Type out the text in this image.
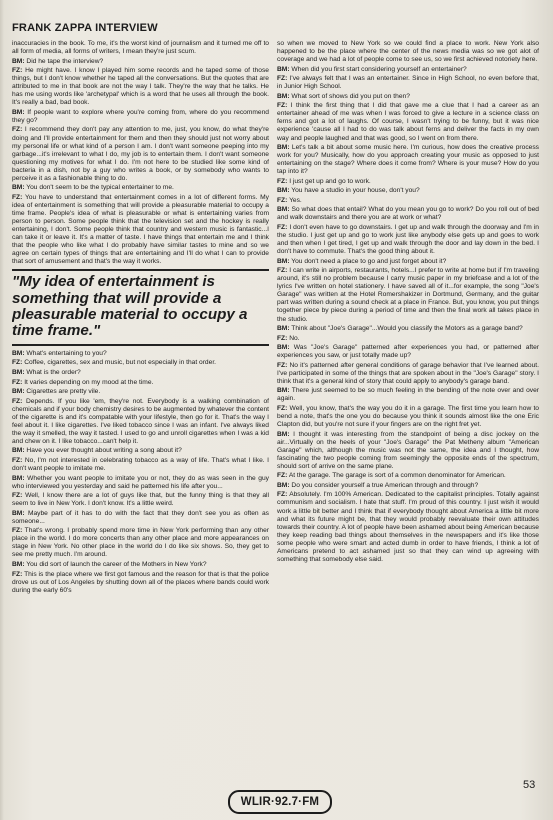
FRANK ZAPPA INTERVIEW

inaccuracies in the book. To me, it's the worst kind of journalism and it turned me off to all form of media, all forms of writers, I mean they're just scum.

BM: Did he tape the interview?

FZ: He might have. I know I played him some records and he taped some of those things, but I don't know whether he taped all the conversations. But the quotes that are attributed to me in that book are not the way I talk. They're the way that he talks. He has me using words like 'archetypal' which is a word that he uses all through the book. It's really a bad, bad book.

BM: If people want to explore where you're coming from, where do you recommend they go?

FZ: I recommend they don't pay any attention to me, just, you know, do what they're doing and I'll provide entertainment for them and then they should just not worry about my personal life or what kind of a person I am. I don't want someone peeping into my garbage...it's irrelevant to what I do, my job is to entertain them. I don't want someone questioning my motives for what I do. I'm not here to be studied like some kind of bacteria in a dish, not by a guy who writes a book, or by somebody who wants to perceive it as a fashionable thing to do.

BM: You don't seem to be the typical entertainer to me.

FZ: You have to understand that entertainment comes in a lot of different forms. My idea of entertainment is something that will provide a pleasurable material to occupy a time frame. People's idea of what is pleasurable or what is entertaining varies from person to person. Some people think that the television set and the hockey is really entertaining, I don't. Some people think that country and western music is fantastic...I can take it or leave it. It's a matter of taste. I have things that entertain me and I think that the people who like what I do probably have similar tastes to mine and so we agree on certain types of things that are entertaining and I'll do what I can to provide that sort of amusement and that's the way it works.

"My idea of entertainment is something that will provide a pleasurable material to occupy a time frame."

BM: What's entertaining to you?

FZ: Coffee, cigarettes, sex and music, but not especially in that order.

BM: What is the order?

FZ: It varies depending on my mood at the time.

BM: Cigarettes are pretty vile.

FZ: Depends. If you like 'em, they're not. Everybody is a walking combination of chemicals and if your body chemistry desires to be augmented by whatever the content of the cigarette is and it's compatable with your lifestyle, then go for it. That's the way I feel about it. I like cigarettes. I've liked tobacco since I was an infant. I've always liked the way it smelled, the way it tasted. I used to go and unroll cigarettes when I was a kid and chew on it. I like tobacco...can't help it.

BM: Have you ever thought about writing a song about it?

FZ: No, I'm not interested in celebrating tobacco as a way of life. That's what I like. I don't want people to imitate me.

BM: Whether you want people to imitate you or not, they do as was seen in the guy who interviewed you yesterday and said he patterned his life after you...

FZ: Well, I know there are a lot of guys like that, but the funny thing is that they all seem to live in New York. I don't know. It's a little weird.

BM: Maybe part of it has to do with the fact that they don't see you as often as someone...

FZ: That's wrong. I probably spend more time in New York performing than any other place in the world. I do more concerts than any other place and more appearances on stage in New York. No other place in the world do I do like six shows. So, they get to see me pretty much. I'm around.

BM: You did sort of launch the career of the Mothers in New York?

FZ: This is the place where we first got famous and the reason for that is that the police drove us out of Los Angeles by shutting down all of the places where bands could work during the early 60's

so when we moved to New York so we could find a place to work. New York also happened to be the place where the center of the news media was so we got alot of coverage and we had a lot of people come to see us, so we first achieved notoriety here.

BM: When did you first start considering yourself an entertainer?

FZ: I've always felt that I was an entertainer. Since in High School, no even before that, in Junior High School.

BM: What sort of shows did you put on then?

FZ: I think the first thing that I did that gave me a clue that I had a career as an entertainer ahead of me was when I was forced to give a lecture in a science class on ferns and got a lot of laughs. Of course, I wasn't trying to be funny, but it was nice experience 'cause all I had to do was talk about ferns and deliver the facts in my own way and people laughed and that was good, so I went on from there.

BM: Let's talk a bit about some music here. I'm curious, how does the creative process work for you? Musically, how do you approach creating your music as opposed to just entertaining on the stage? Where does it come from? Where is your muse? How do you tap into it?

FZ: I just get up and go to work.

BM: You have a studio in your house, don't you?

FZ: Yes.

BM: So what does that entail? What do you mean you go to work? Do you roll out of bed and walk downstairs and there you are at work or what?

FZ: I don't even have to go downstairs. I get up and walk through the doorway and I'm in the studio. I just get up and go to work just like anybody else gets up and goes to work and then when I get tired, I get up and walk through the door and lay down in the bed. I don't have to commute. That's the good thing about it.

BM: You don't need a place to go and just forget about it?

FZ: I can write in airports, restaurants, hotels...I prefer to write at home but if I'm traveling around, it's still no problem because I carry music paper in my briefcase and a lot of the lyrics I've written on hotel stationery. I have saved all of it...for example, the song "Joe's Garage" was written at the Hotel Romershakizer in Dortmund, Germany, and the guitar part was written during a sound check at a place in France. But, you know, you put things together piece by piece during a period of time and then the final work all takes place in the studio.

BM: Think about "Joe's Garage"...Would you classify the Motors as a garage band?

FZ: No.

BM: Was "Joe's Garage" patterned after experiences you had, or patterned after experiences you saw, or just totally made up?

FZ: No it's patterned after general conditions of garage behavior that I've learned about. I've participated in some of the things that are spoken about in the "Joe's Garage" story. I think that it's a general kind of story that could apply to anybody's garage band.

BM: There just seemed to be so much feeling in the bending of the note over and over again.

FZ: Well, you know, that's the way you do it in a garage. The first time you learn how to bend a note, that's the one you do because you think it sounds almost like the one Eric Clapton did, but you're not sure if your fingers are on the right fret yet.

BM: I thought it was interesting from the standpoint of being a disc jockey on the air...Virtually on the heels of your "Joe's Garage" the Pat Metheny album "American Garage" which, although the music was not the same, the idea and I thought, how fascinating the two people coming from seemingly the opposite ends of the spectrum, should sort of arrive on the same plane.

FZ: At the garage. The garage is sort of a common denominator for American.

BM: Do you consider yourself a true American through and through?

FZ: Absolutely. I'm 100% American. Dedicated to the capitalist principles. Totally against communism and socialism. I hate that stuff. I'm proud of this country. I just wish it would work a little bit better and I think that if everybody thought about America a little bit more and what its future might be, that they would probably reevaluate their own attitudes towards their country. A lot of people have been ashamed about being American because they keep reading bad things about themselves in the newspapers and it's like those some people who were smart and acted dumb in order to have friends, I think a lot of Americans pretend to act ashamed just so that they can wind up agreeing with something that somebody else said.

53
WLIR·92.7·FM
